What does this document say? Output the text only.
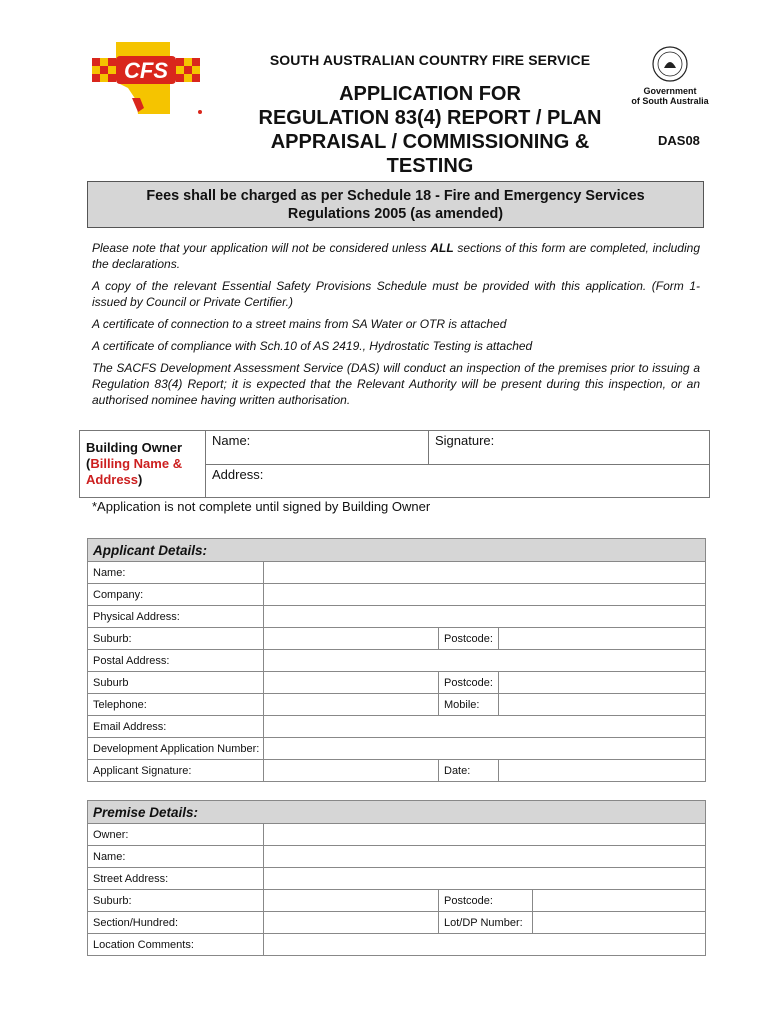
CFS
Government
of South Australia
SOUTH AUSTRALIAN COUNTRY FIRE SERVICE
APPLICATION FOR
REGULATION 83(4) REPORT / PLAN
APPRAISAL / COMMISSIONING &
TESTING
DAS08
Fees shall be charged as per Schedule 18 - Fire and Emergency Services
Regulations 2005 (as amended)

Please note that your application will not be considered unless ALL sections of this form are completed, including the declarations.

A copy of the relevant Essential Safety Provisions Schedule must be provided with this application. (Form 1- issued by Council or Private Certifier.)

A certificate of connection to a street mains from SA Water or OTR is attached

A certificate of compliance with Sch.10 of AS 2419., Hydrostatic Testing is attached

The SACFS Development Assessment Service (DAS) will conduct an inspection of the premises prior to issuing a Regulation 83(4) Report; it is expected that the Relevant Authority will be present during this inspection, or an authorised nominee having written authorisation.

Building Owner
(Billing Name &
Address)	Name:	Signature:
Address:
*Application is not complete until signed by Building Owner
Applicant Details:			
Name:			
Company:			
Physical Address:			
Suburb:		Postcode:	
Postal Address:			
Suburb		Postcode:	
Telephone:		Mobile:	
Email Address:			
Development Application Number:			
Applicant Signature:		Date:	
Premise Details:			
Owner:			
Name:			
Street Address:			
Suburb:		Postcode:	
Section/Hundred:		Lot/DP Number:	
Location Comments:			
